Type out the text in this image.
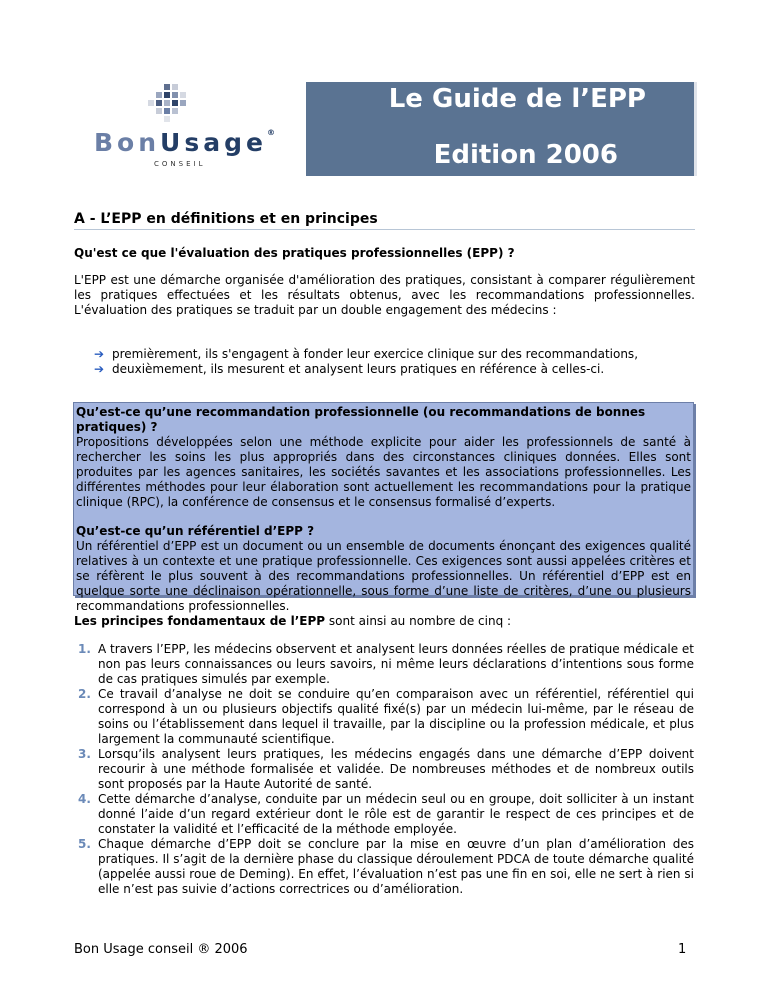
BonUsage®
CONSEIL
Le Guide de l’EPP
Edition 2006
A - L’EPP en définitions et en principes
Qu'est ce que l'évaluation des pratiques professionnelles (EPP) ?
L'EPP est une démarche organisée d'amélioration des pratiques, consistant à comparer régulièrement les pratiques effectuées et les résultats obtenus, avec les recommandations professionnelles. L'évaluation des pratiques se traduit par un double engagement des médecins :
➔ premièrement, ils s'engagent à fonder leur exercice clinique sur des recommandations,
➔ deuxièmement, ils mesurent et analysent leurs pratiques en référence à celles-ci.
Qu’est-ce qu’une recommandation professionnelle (ou recommandations de bonnes pratiques) ?
Propositions développées selon une méthode explicite pour aider les professionnels de santé à rechercher les soins les plus appropriés dans des circonstances cliniques données. Elles sont produites par les agences sanitaires, les sociétés savantes et les associations professionnelles. Les différentes méthodes pour leur élaboration sont actuellement les recommandations pour la pratique clinique (RPC), la conférence de consensus et le consensus formalisé d’experts.
Qu’est-ce qu’un référentiel d’EPP ?
Un référentiel d’EPP est un document ou un ensemble de documents énonçant des exigences qualité relatives à un contexte et une pratique professionnelle. Ces exigences sont aussi appelées critères et se réfèrent le plus souvent à des recommandations professionnelles. Un référentiel d’EPP est en quelque sorte une déclinaison opérationnelle, sous forme d’une liste de critères, d’une ou plusieurs recommandations professionnelles.
Les principes fondamentaux de l’EPP sont ainsi au nombre de cinq :
1. A travers l’EPP, les médecins observent et analysent leurs données réelles de pratique médicale et non pas leurs connaissances ou leurs savoirs, ni même leurs déclarations d’intentions sous forme de cas pratiques simulés par exemple.
2. Ce travail d’analyse ne doit se conduire qu’en comparaison avec un référentiel, référentiel qui correspond à un ou plusieurs objectifs qualité fixé(s) par un médecin lui-même, par le réseau de soins ou l’établissement dans lequel il travaille, par la discipline ou la profession médicale, et plus largement la communauté scientifique.
3. Lorsqu’ils analysent leurs pratiques, les médecins engagés dans une démarche d’EPP doivent recourir à une méthode formalisée et validée. De nombreuses méthodes et de nombreux outils sont proposés par la Haute Autorité de santé.
4. Cette démarche d’analyse, conduite par un médecin seul ou en groupe, doit solliciter à un instant donné l’aide d’un regard extérieur dont le rôle est de garantir le respect de ces principes et de constater la validité et l’efficacité de la méthode employée.
5. Chaque démarche d’EPP doit se conclure par la mise en œuvre d’un plan d’amélioration des pratiques. Il s’agit de la dernière phase du classique déroulement PDCA de toute démarche qualité (appelée aussi roue de Deming). En effet, l’évaluation n’est pas une fin en soi, elle ne sert à rien si elle n’est pas suivie d’actions correctrices ou d’amélioration.
Bon Usage conseil ® 2006	1
